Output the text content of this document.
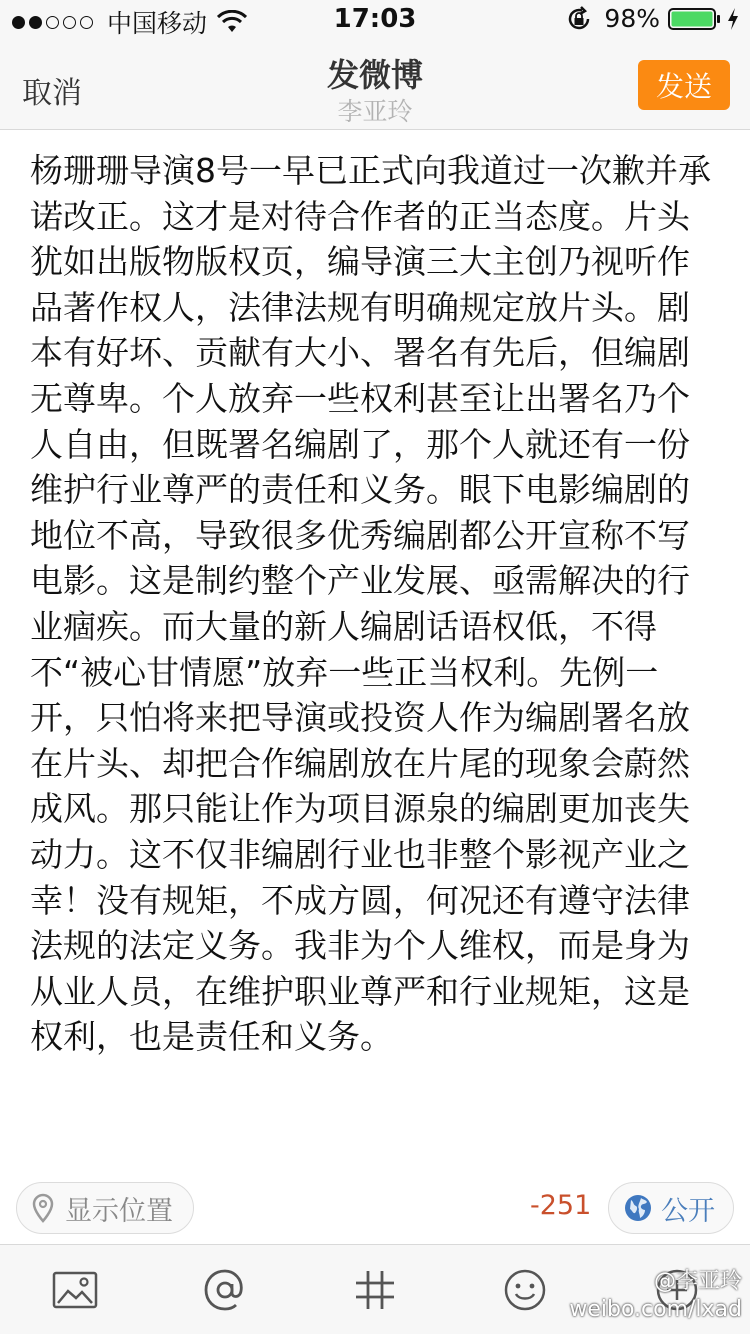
中国移动	17:03	98%
取消	发微博
李亚玲
发送
杨珊珊导演8号一早已正式向我道过一次歉并承诺改正。这才是对待合作者的正当态度。片头犹如出版物版权页，编导演三大主创乃视听作品著作权人，法律法规有明确规定放片头。剧本有好坏、贡献有大小、署名有先后，但编剧无尊卑。个人放弃一些权利甚至让出署名乃个人自由，但既署名编剧了，那个人就还有一份维护行业尊严的责任和义务。眼下电影编剧的地位不高，导致很多优秀编剧都公开宣称不写电影。这是制约整个产业发展、亟需解决的行业痼疾。而大量的新人编剧话语权低，不得不“被心甘情愿”放弃一些正当权利。先例一开，只怕将来把导演或投资人作为编剧署名放在片头、却把合作编剧放在片尾的现象会蔚然成风。那只能让作为项目源泉的编剧更加丧失动力。这不仅非编剧行业也非整个影视产业之幸！没有规矩，不成方圆，何况还有遵守法律法规的法定义务。我非为个人维权，而是身为从业人员，在维护职业尊严和行业规矩，这是权利，也是责任和义务。
显示位置	-251	公开
@李亚玲
weibo.com/lxad
